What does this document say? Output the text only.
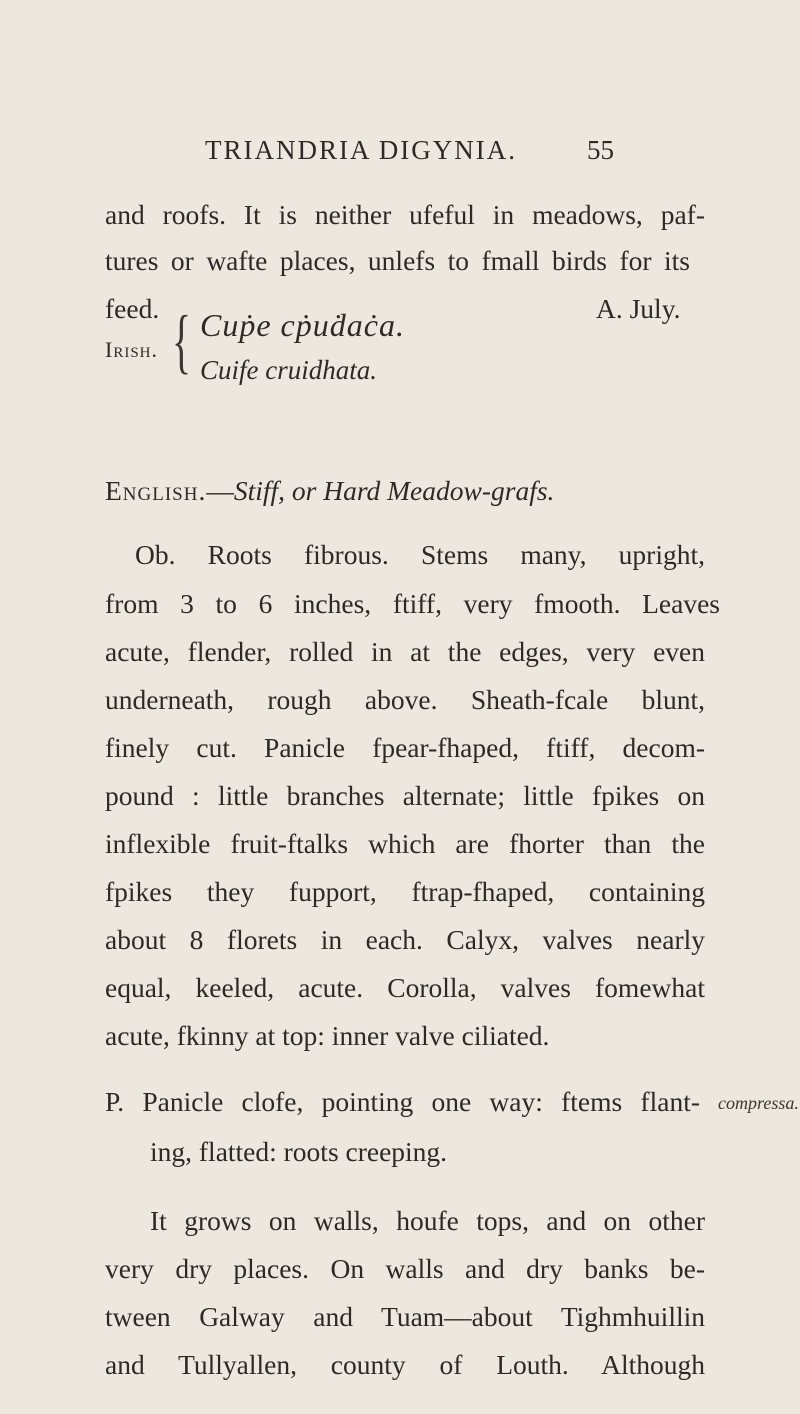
TRIANDRIA DIGYNIA.	55
and roofs. It is neither ufeful in meadows, paf-
tures or wafte places, unlefs to fmall birds for its
feed.	A. July.
Irish. { Cuṗe cṗuḋaċa.
Cuife cruidhata.
English.—Stiff, or Hard Meadow-grafs.
Ob. Roots fibrous. Stems many, upright,
from 3 to 6 inches, ftiff, very fmooth. Leaves
acute, flender, rolled in at the edges, very even
underneath, rough above. Sheath-fcale blunt,
finely cut. Panicle fpear-fhaped, ftiff, decom-
pound : little branches alternate; little fpikes on
inflexible fruit-ftalks which are fhorter than the
fpikes they fupport, ftrap-fhaped, containing
about 8 florets in each. Calyx, valves nearly
equal, keeled, acute. Corolla, valves fomewhat
acute, fkinny at top: inner valve ciliated.
P. Panicle clofe, pointing one way: ftems flant-
ing, flatted: roots creeping.
compressa.
It grows on walls, houfe tops, and on other
very dry places. On walls and dry banks be-
tween Galway and Tuam—about Tighmhuillin
and Tullyallen, county of Louth. Although
